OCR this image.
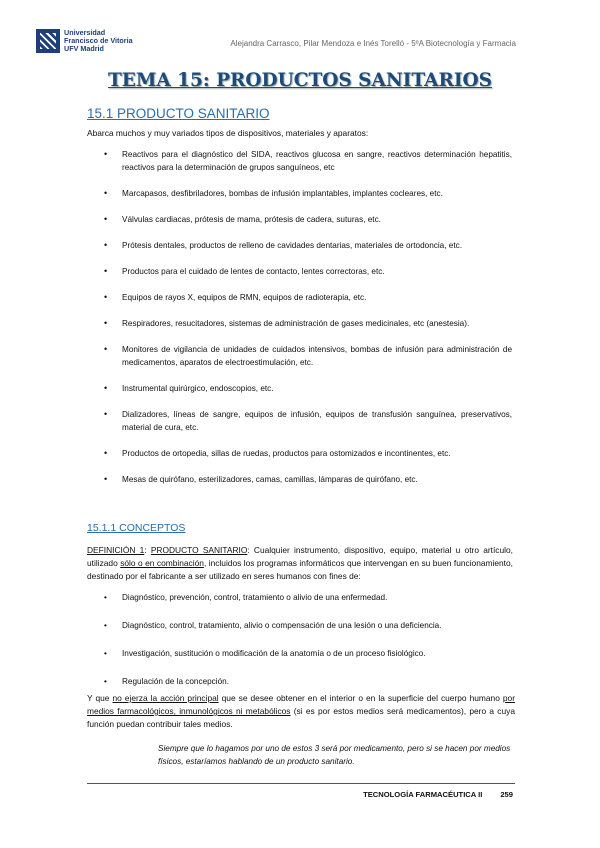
Universidad
Francisco de Vitoria
UFV Madrid
Alejandra Carrasco, Pilar Mendoza e Inés Torelló - 5ºA Biotecnología y Farmacia
TEMA 15: PRODUCTOS SANITARIOS
15.1 PRODUCTO SANITARIO
Abarca muchos y muy variados tipos de dispositivos, materiales y aparatos:
• Reactivos para el diagnóstico del SIDA, reactivos glucosa en sangre, reactivos determinación hepatitis, reactivos para la determinación de grupos sanguíneos, etc
• Marcapasos, desfibriladores, bombas de infusión implantables, implantes cocleares, etc.
• Válvulas cardiacas, prótesis de mama, prótesis de cadera, suturas, etc.
• Prótesis dentales, productos de relleno de cavidades dentarias, materiales de ortodoncia, etc.
• Productos para el cuidado de lentes de contacto, lentes correctoras, etc.
• Equipos de rayos X, equipos de RMN, equipos de radioterapia, etc.
• Respiradores, resucitadores, sistemas de administración de gases medicinales, etc (anestesia).
• Monitores de vigilancia de unidades de cuidados intensivos, bombas de infusión para administración de medicamentos, aparatos de electroestimulación, etc.
• Instrumental quirúrgico, endoscopios, etc.
• Dializadores, líneas de sangre, equipos de infusión, equipos de transfusión sanguínea, preservativos, material de cura, etc.
• Productos de ortopedia, sillas de ruedas, productos para ostomizados e incontinentes, etc.
• Mesas de quirófano, esterilizadores, camas, camillas, lámparas de quirófano, etc.
15.1.1 CONCEPTOS
DEFINICIÓN 1: PRODUCTO SANITARIO: Cualquier instrumento, dispositivo, equipo, material u otro artículo, utilizado sólo o en combinación, incluidos los programas informáticos que intervengan en su buen funcionamiento, destinado por el fabricante a ser utilizado en seres humanos con fines de:
• Diagnóstico, prevención, control, tratamiento o alivio de una enfermedad.
• Diagnóstico, control, tratamiento, alivio o compensación de una lesión o una deficiencia.
• Investigación, sustitución o modificación de la anatomía o de un proceso fisiológico.
• Regulación de la concepción.
Y que no ejerza la acción principal que se desee obtener en el interior o en la superficie del cuerpo humano por medios farmacológicos, inmunológicos ni metabólicos (si es por estos medios será medicamentos), pero a cuya función puedan contribuir tales medios.
Siempre que lo hagamos por uno de estos 3 será por medicamento, pero si se hacen por medios físicos, estaríamos hablando de un producto sanitario.
TECNOLOGÍA FARMACÉUTICA II 259
